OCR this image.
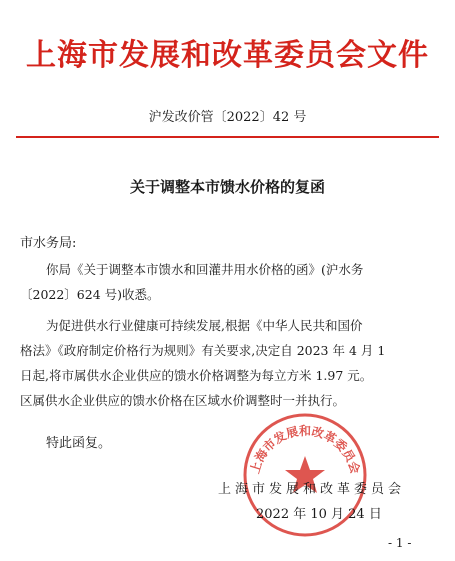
上海市发展和改革委员会文件
沪发改价管〔2022〕42 号
关于调整本市馈水价格的复函
市水务局:
你局《关于调整本市馈水和回灌井用水价格的函》(沪水务
〔2022〕624 号)收悉。
为促进供水行业健康可持续发展,根据《中华人民共和国价
格法》《政府制定价格行为规则》有关要求,决定自 2023 年 4 月 1
日起,将市属供水企业供应的馈水价格调整为每立方米 1.97 元。
区属供水企业供应的馈水价格在区域水价调整时一并执行。
特此函复。
上海市发展和改革委员会
上海市发展和改革委员会
2022 年 10 月 24 日
- 1 -
